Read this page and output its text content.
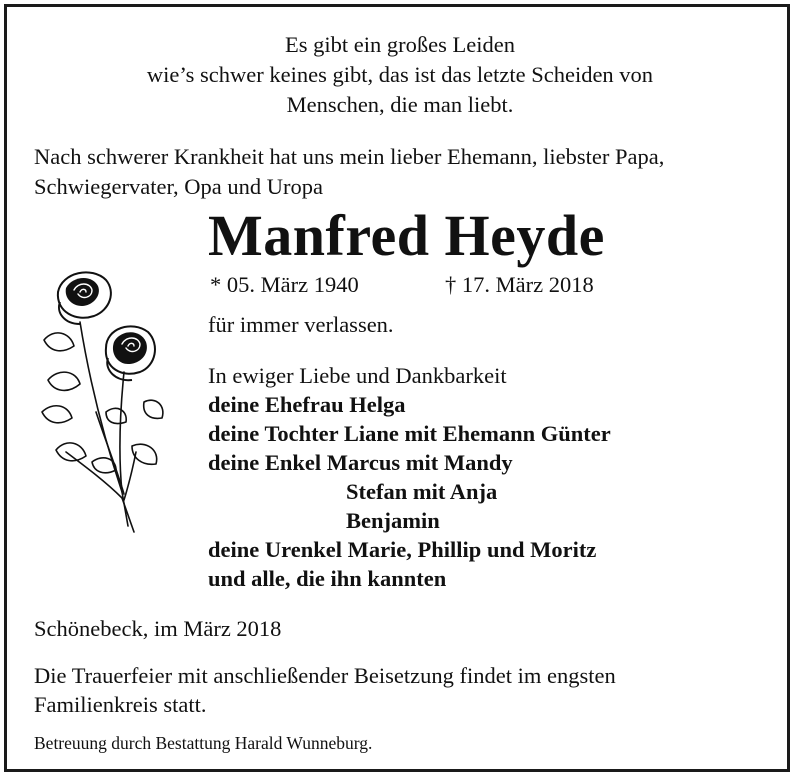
Es gibt ein großes Leiden
wie’s schwer keines gibt, das ist das letzte Scheiden von
Menschen, die man liebt.
Nach schwerer Krankheit hat uns mein lieber Ehemann, liebster Papa,
Schwiegervater, Opa und Uropa
Manfred Heyde
* 05. März 1940	† 17. März 2018
für immer verlassen.
In ewiger Liebe und Dankbarkeit
deine Ehefrau Helga
deine Tochter Liane mit Ehemann Günter
deine Enkel Marcus mit Mandy
Stefan mit Anja
Benjamin
deine Urenkel Marie, Phillip und Moritz
und alle, die ihn kannten
Schönebeck, im März 2018
Die Trauerfeier mit anschließender Beisetzung findet im engsten
Familienkreis statt.
Betreuung durch Bestattung Harald Wunneburg.
